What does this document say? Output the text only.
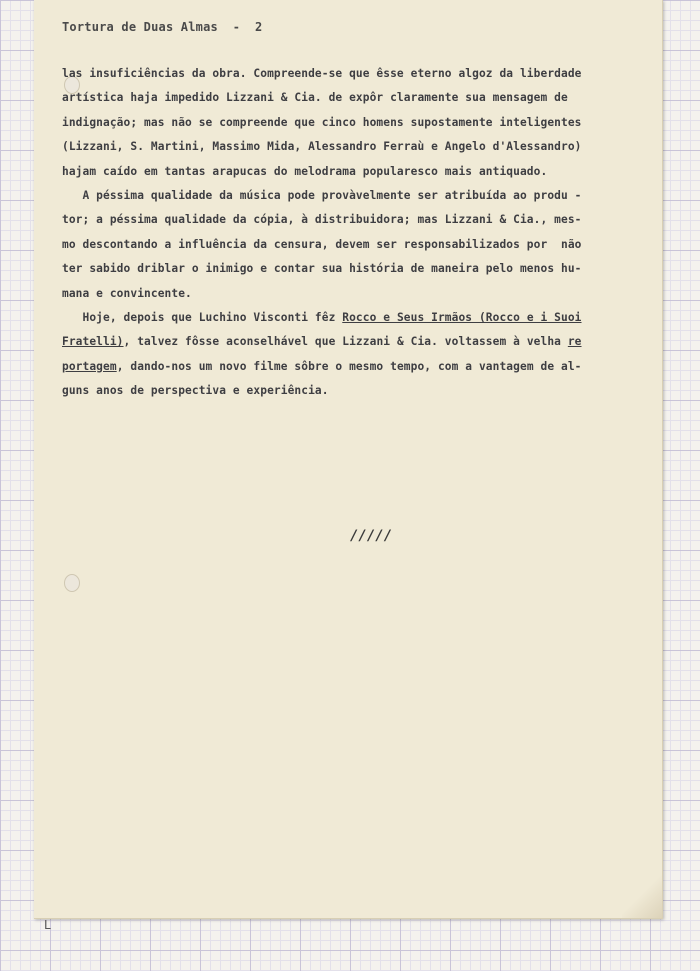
Tortura de Duas Almas  -  2
las insuficiências da obra. Compreende-se que êsse eterno algoz da liberdade
artística haja impedido Lizzani & Cia. de expôr claramente sua mensagem de
indignação; mas não se compreende que cinco homens supostamente inteligentes
(Lizzani, S. Martini, Massimo Mida, Alessandro Ferraù e Angelo d'Alessandro)
hajam caído em tantas arapucas do melodrama popularesco mais antiquado.
A péssima qualidade da música pode provàvelmente ser atribuída ao produ -
tor; a péssima qualidade da cópia, à distribuidora; mas Lizzani & Cia., mes-
mo descontando a influência da censura, devem ser responsabilizados por  não
ter sabido driblar o inimigo e contar sua história de maneira pelo menos hu-
mana e convincente.
Hoje, depois que Luchino Visconti fêz Rocco e Seus Irmãos (Rocco e i Suoi
Fratelli), talvez fôsse aconselhável que Lizzani & Cia. voltassem à velha re
portagem, dando-nos um novo filme sôbre o mesmo tempo, com a vantagem de al-
guns anos de perspectiva e experiência.
/////
L
